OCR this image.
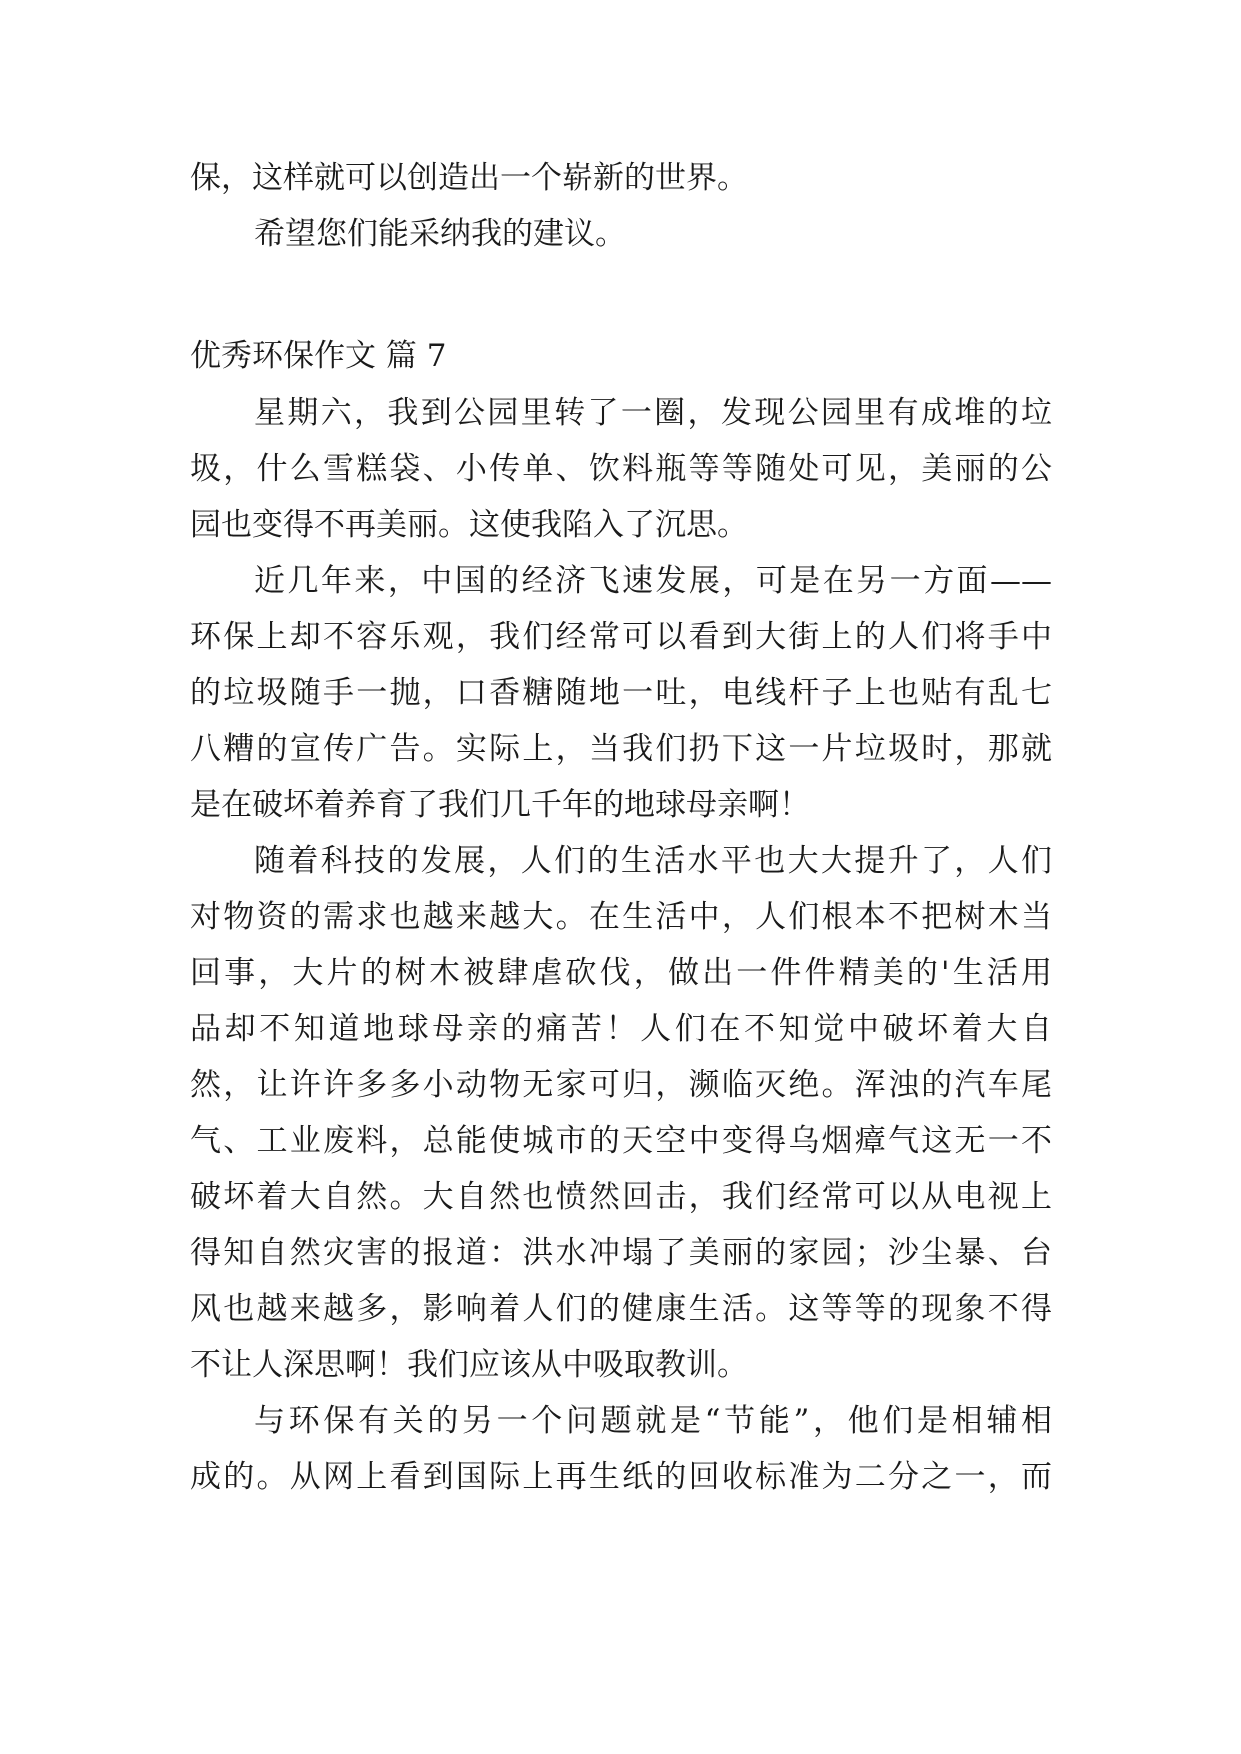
保，这样就可以创造出一个崭新的世界。
希望您们能采纳我的建议。
优秀环保作文 篇 7
星期六，我到公园里转了一圈，发现公园里有成堆的垃
圾，什么雪糕袋、小传单、饮料瓶等等随处可见，美丽的公
园也变得不再美丽。这使我陷入了沉思。
近几年来，中国的经济飞速发展，可是在另一方面——
环保上却不容乐观，我们经常可以看到大街上的人们将手中
的垃圾随手一抛，口香糖随地一吐，电线杆子上也贴有乱七
八糟的宣传广告。实际上，当我们扔下这一片垃圾时，那就
是在破坏着养育了我们几千年的地球母亲啊！
随着科技的发展，人们的生活水平也大大提升了，人们
对物资的需求也越来越大。在生活中，人们根本不把树木当
回事，大片的树木被肆虐砍伐，做出一件件精美的'生活用
品却不知道地球母亲的痛苦！人们在不知觉中破坏着大自
然，让许许多多小动物无家可归，濒临灭绝。浑浊的汽车尾
气、工业废料，总能使城市的天空中变得乌烟瘴气这无一不
破坏着大自然。大自然也愤然回击，我们经常可以从电视上
得知自然灾害的报道：洪水冲塌了美丽的家园；沙尘暴、台
风也越来越多，影响着人们的健康生活。这等等的现象不得
不让人深思啊！我们应该从中吸取教训。
与环保有关的另一个问题就是“节能”，他们是相辅相
成的。从网上看到国际上再生纸的回收标准为二分之一，而
